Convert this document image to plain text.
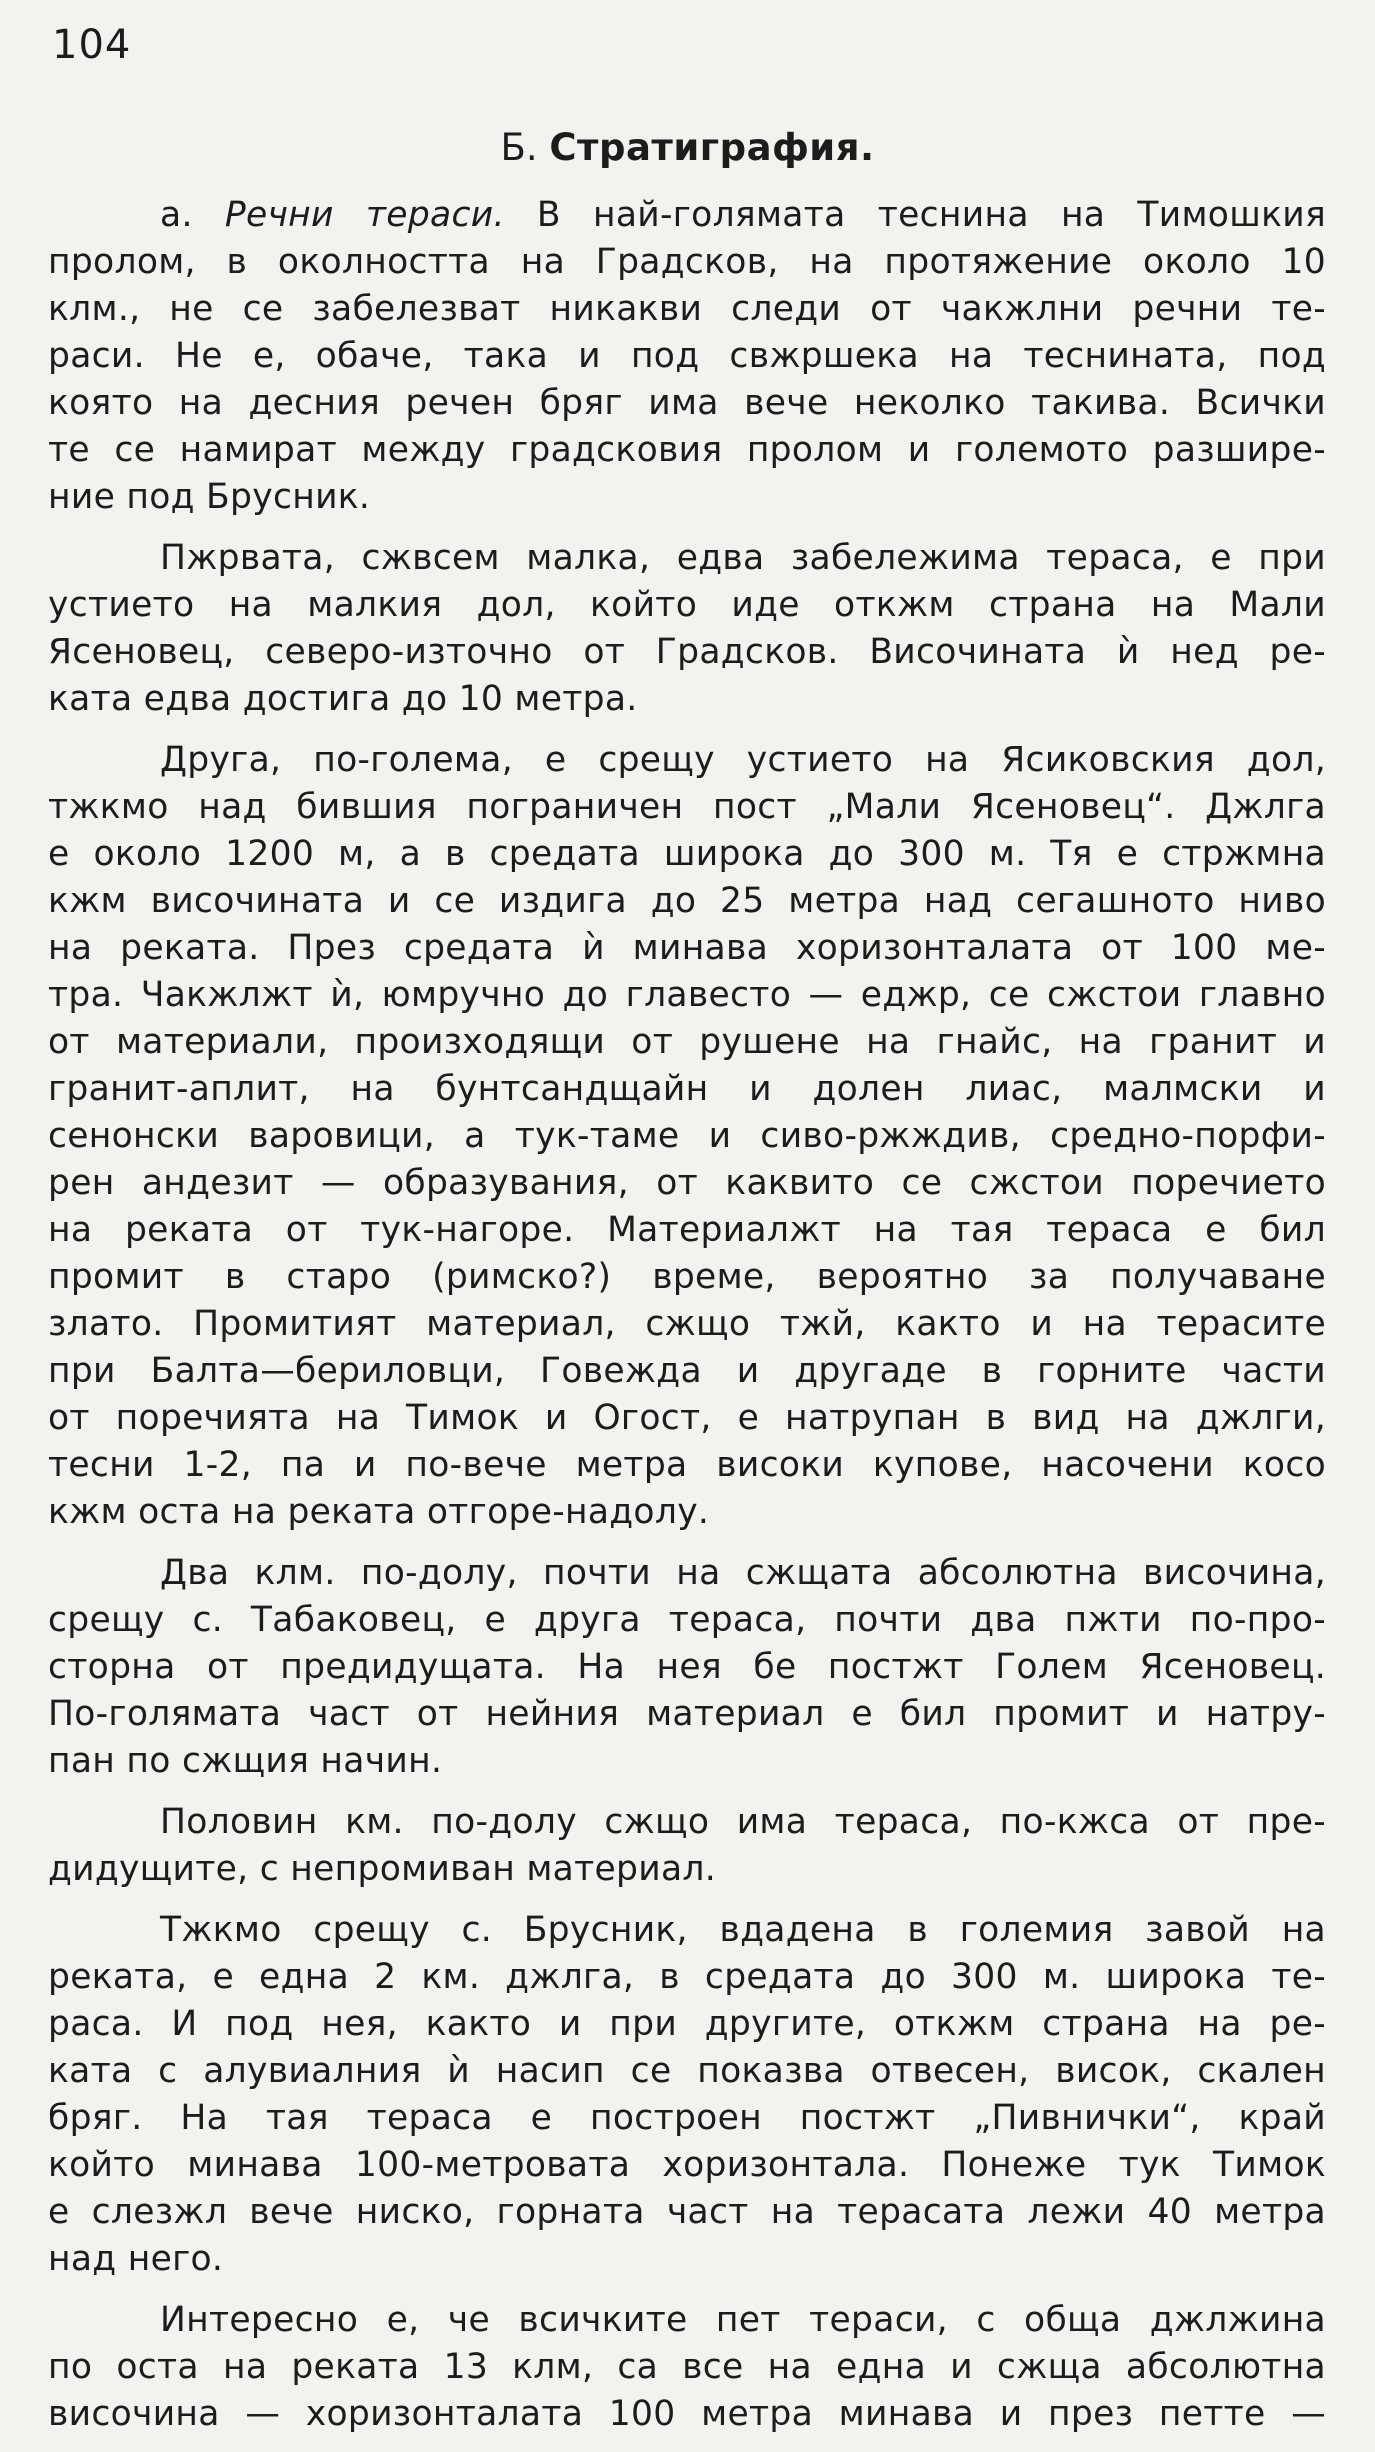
104
Б. Стратиграфия.
а. Речни тераси. В най-голямата теснина на Тимошкия
пролом, в околността на Градсков, на протяжение около 10
клм., не се забелезват никакви следи от чакжлни речни те-
раси. Не е, обаче, така и под свжршека на теснината, под
която на десния речен бряг има вече неколко такива. Всички
те се намират между градсковия пролом и големото разшире-
ние под Брусник.
Пжрвата, сжвсем малка, едва забележима тераса, е при
устието на малкия дол, който иде откжм страна на Мали
Ясеновец, северо-източно от Градсков. Височината ѝ нед ре-
ката едва достига до 10 метра.
Друга, по-голема, е срещу устието на Ясиковския дол,
тжкмо над бившия пограничен пост „Мали Ясеновец“. Джлга
е около 1200 м, а в средата широка до 300 м. Тя е стржмна
кжм височината и се издига до 25 метра над сегашното ниво
на реката. През средата ѝ минава хоризонталата от 100 ме-
тра. Чакжлжт ѝ, юмручно до главесто — еджр, се сжстои главно
от материали, произходящи от рушене на гнайс, на гранит и
гранит-аплит, на бунтсандщайн и долен лиас, малмски и
сенонски варовици, а тук-таме и сиво-ржждив, средно-порфи-
рен андезит — образувания, от каквито се сжстои поречието
на реката от тук-нагоре. Материалжт на тая тераса е бил
промит в старо (римско?) време, вероятно за получаване
злато. Промитият материал, сжщо тжй, както и на терасите
при Балта—бериловци, Говежда и другаде в горните части
от поречията на Тимок и Огост, е натрупан в вид на джлги,
тесни 1-2, па и по-вече метра високи купове, насочени косо
кжм оста на реката отгоре-надолу.
Два клм. по-долу, почти на сжщата абсолютна височина,
срещу с. Табаковец, е друга тераса, почти два пжти по-про-
сторна от предидущата. На нея бе постжт Голем Ясеновец.
По-голямата част от нейния материал е бил промит и натру-
пан по сжщия начин.
Половин км. по-долу сжщо има тераса, по-кжса от пре-
дидущите, с непромиван материал.
Тжкмо срещу с. Брусник, вдадена в големия завой на
реката, е една 2 км. джлга, в средата до 300 м. широка те-
раса. И под нея, както и при другите, откжм страна на ре-
ката с алувиалния ѝ насип се показва отвесен, висок, скален
бряг. На тая тераса е построен постжт „Пивнички“, край
който минава 100-метровата хоризонтала. Понеже тук Тимок
е слезжл вече ниско, горната част на терасата лежи 40 метра
над него.
Интересно е, че всичките пет тераси, с обща джлжина
по оста на реката 13 клм, са все на една и сжща абсолютна
височина — хоризонталата 100 метра минава и през петте —
